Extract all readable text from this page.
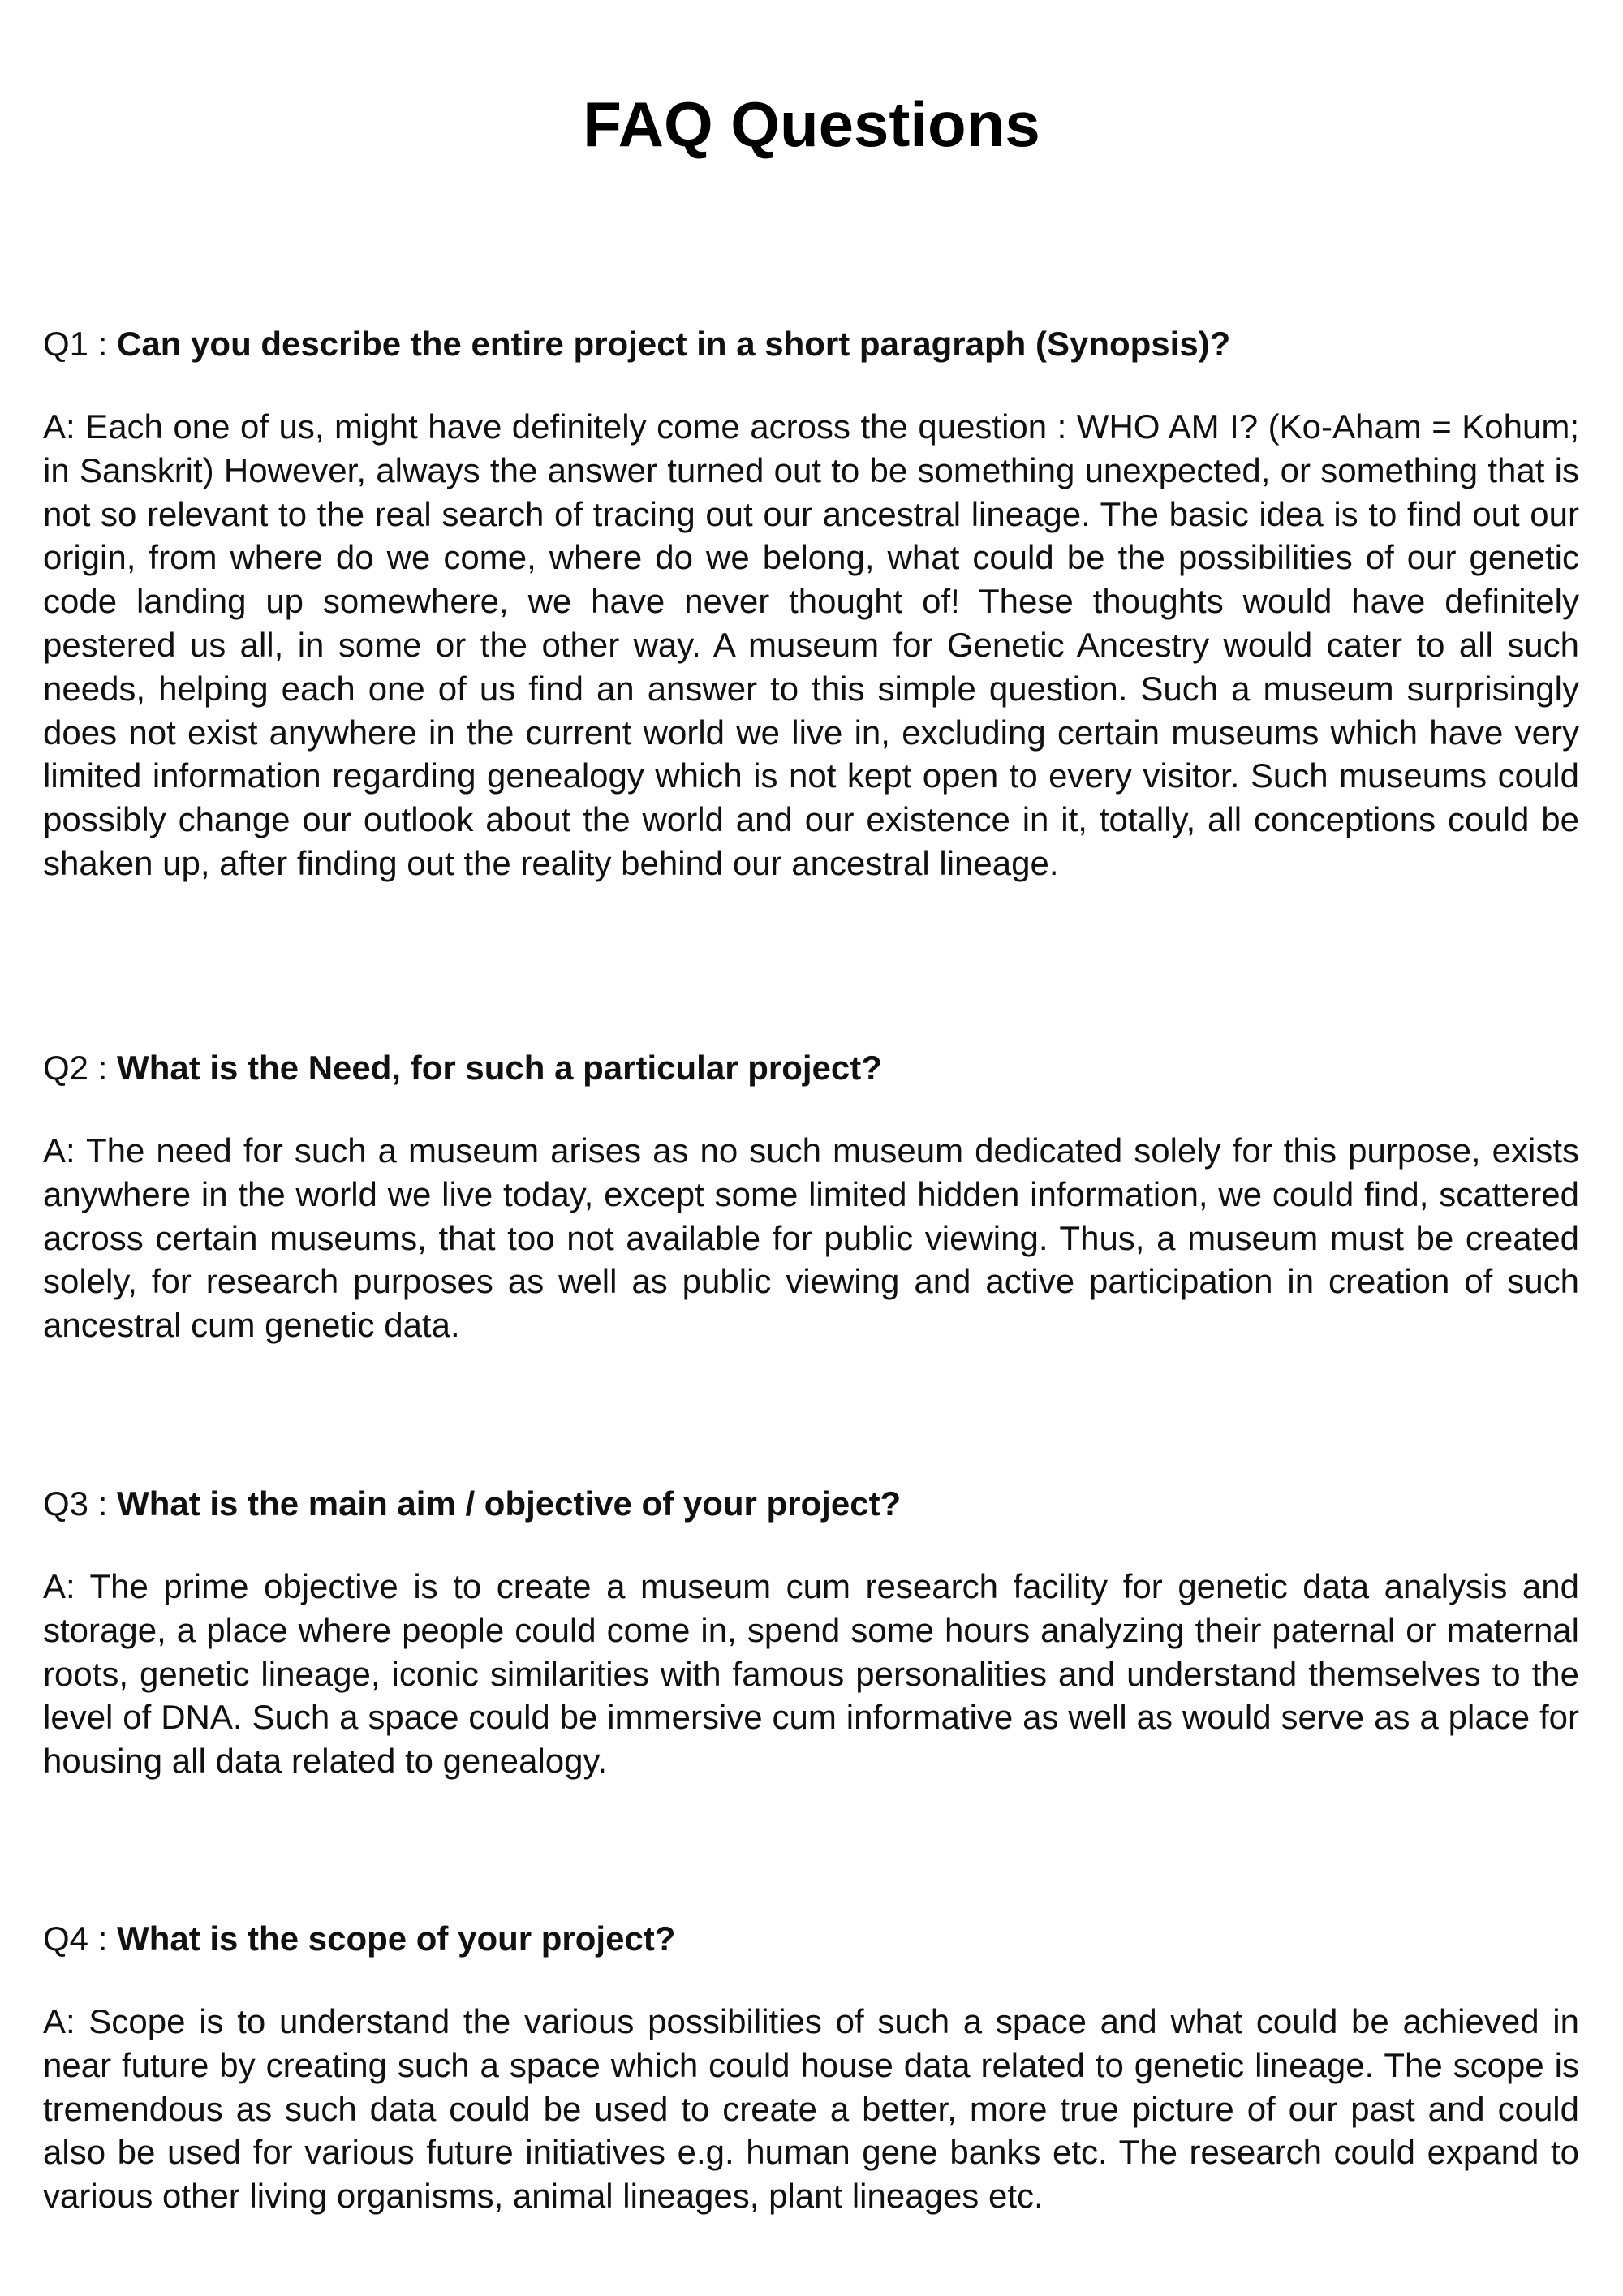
FAQ Questions

Q1 : Can you describe the entire project in a short paragraph (Synopsis)?

A: Each one of us, might have definitely come across the question : WHO AM I? (Ko-Aham = Kohum; in Sanskrit) However, always the answer turned out to be something unexpected, or something that is not so relevant to the real search of tracing out our ancestral lineage. The basic idea is to find out our origin, from where do we come, where do we belong, what could be the possibilities of our genetic code landing up somewhere, we have never thought of! These thoughts would have definitely pestered us all, in some or the other way. A museum for Genetic Ancestry would cater to all such needs, helping each one of us find an answer to this simple question. Such a museum surprisingly does not exist anywhere in the current world we live in, excluding certain museums which have very limited information regarding genealogy which is not kept open to every visitor. Such museums could possibly change our outlook about the world and our existence in it, totally, all conceptions could be shaken up, after finding out the reality behind our ancestral lineage.

Q2 : What is the Need, for such a particular project?

A: The need for such a museum arises as no such museum dedicated solely for this purpose, exists anywhere in the world we live today, except some limited hidden information, we could find, scattered across certain museums, that too not available for public viewing. Thus, a museum must be created solely, for research purposes as well as public viewing and active participation in creation of such ancestral cum genetic data.

Q3 : What is the main aim / objective of your project?

A: The prime objective is to create a museum cum research facility for genetic data analysis and storage, a place where people could come in, spend some hours analyzing their paternal or maternal roots, genetic lineage, iconic similarities with famous personalities and understand themselves to the level of DNA. Such a space could be immersive cum informative as well as would serve as a place for housing all data related to genealogy.

Q4 : What is the scope of your project?

A: Scope is to understand the various possibilities of such a space and what could be achieved in near future by creating such a space which could house data related to genetic lineage. The scope is tremendous as such data could be used to create a better, more true picture of our past and could also be used for various future initiatives e.g. human gene banks etc. The research could expand to various other living organisms, animal lineages, plant lineages etc.
